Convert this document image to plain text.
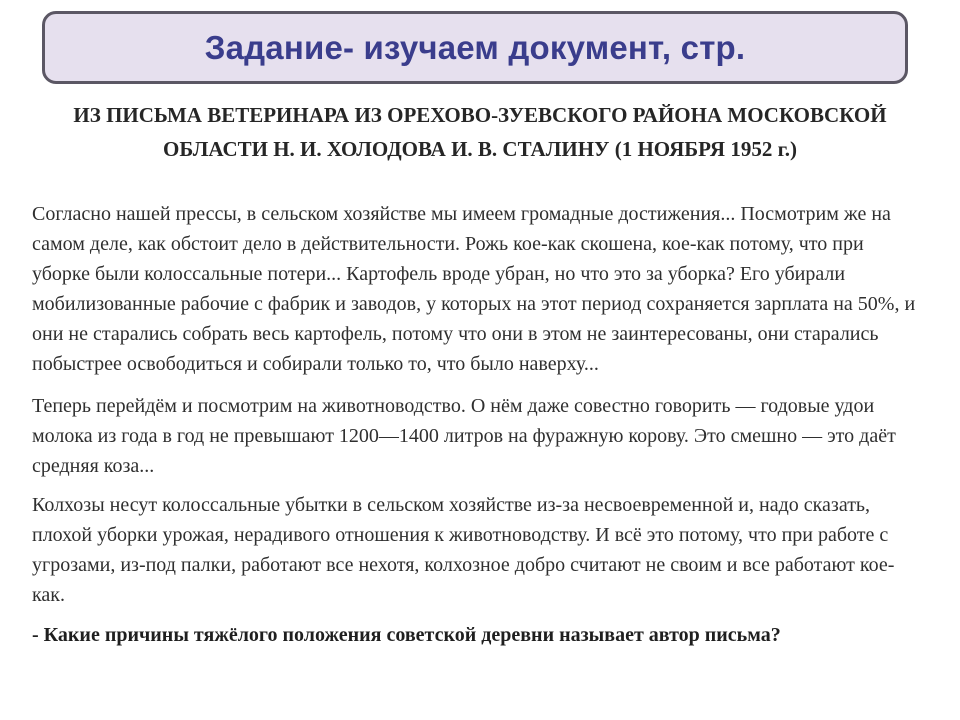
Задание- изучаем документ, стр.
ИЗ ПИСЬМА ВЕТЕРИНАРА ИЗ ОРЕХОВО-ЗУЕВСКОГО РАЙОНА МОСКОВСКОЙ ОБЛАСТИ Н. И. ХОЛОДОВА И. В. СТАЛИНУ (1 НОЯБРЯ 1952 г.)

Согласно нашей прессы, в сельском хозяйстве мы имеем громадные достижения... Посмотрим же на самом деле, как обстоит дело в действительности. Рожь кое-как скошена, кое-как потому, что при уборке были колоссальные потери... Картофель вроде убран, но что это за уборка? Его убирали мобилизованные рабочие с фабрик и заводов, у которых на этот период сохраняется зарплата на 50%, и они не старались собрать весь картофель, потому что они в этом не заинтересованы, они старались побыстрее освободиться и собирали только то, что было наверху...

Теперь перейдём и посмотрим на животноводство. О нём даже совестно говорить — годовые удои молока из года в год не превышают 1200—1400 литров на фуражную корову. Это смешно — это даёт средняя коза...

Колхозы несут колоссальные убытки в сельском хозяйстве из-за несвоевременной и, надо сказать, плохой уборки урожая, нерадивого отношения к животноводству. И всё это потому, что при работе с угрозами, из-под палки, работают все нехотя, колхозное добро считают не своим и все работают кое-как.

- Какие причины тяжёлого положения советской деревни называет автор письма?
